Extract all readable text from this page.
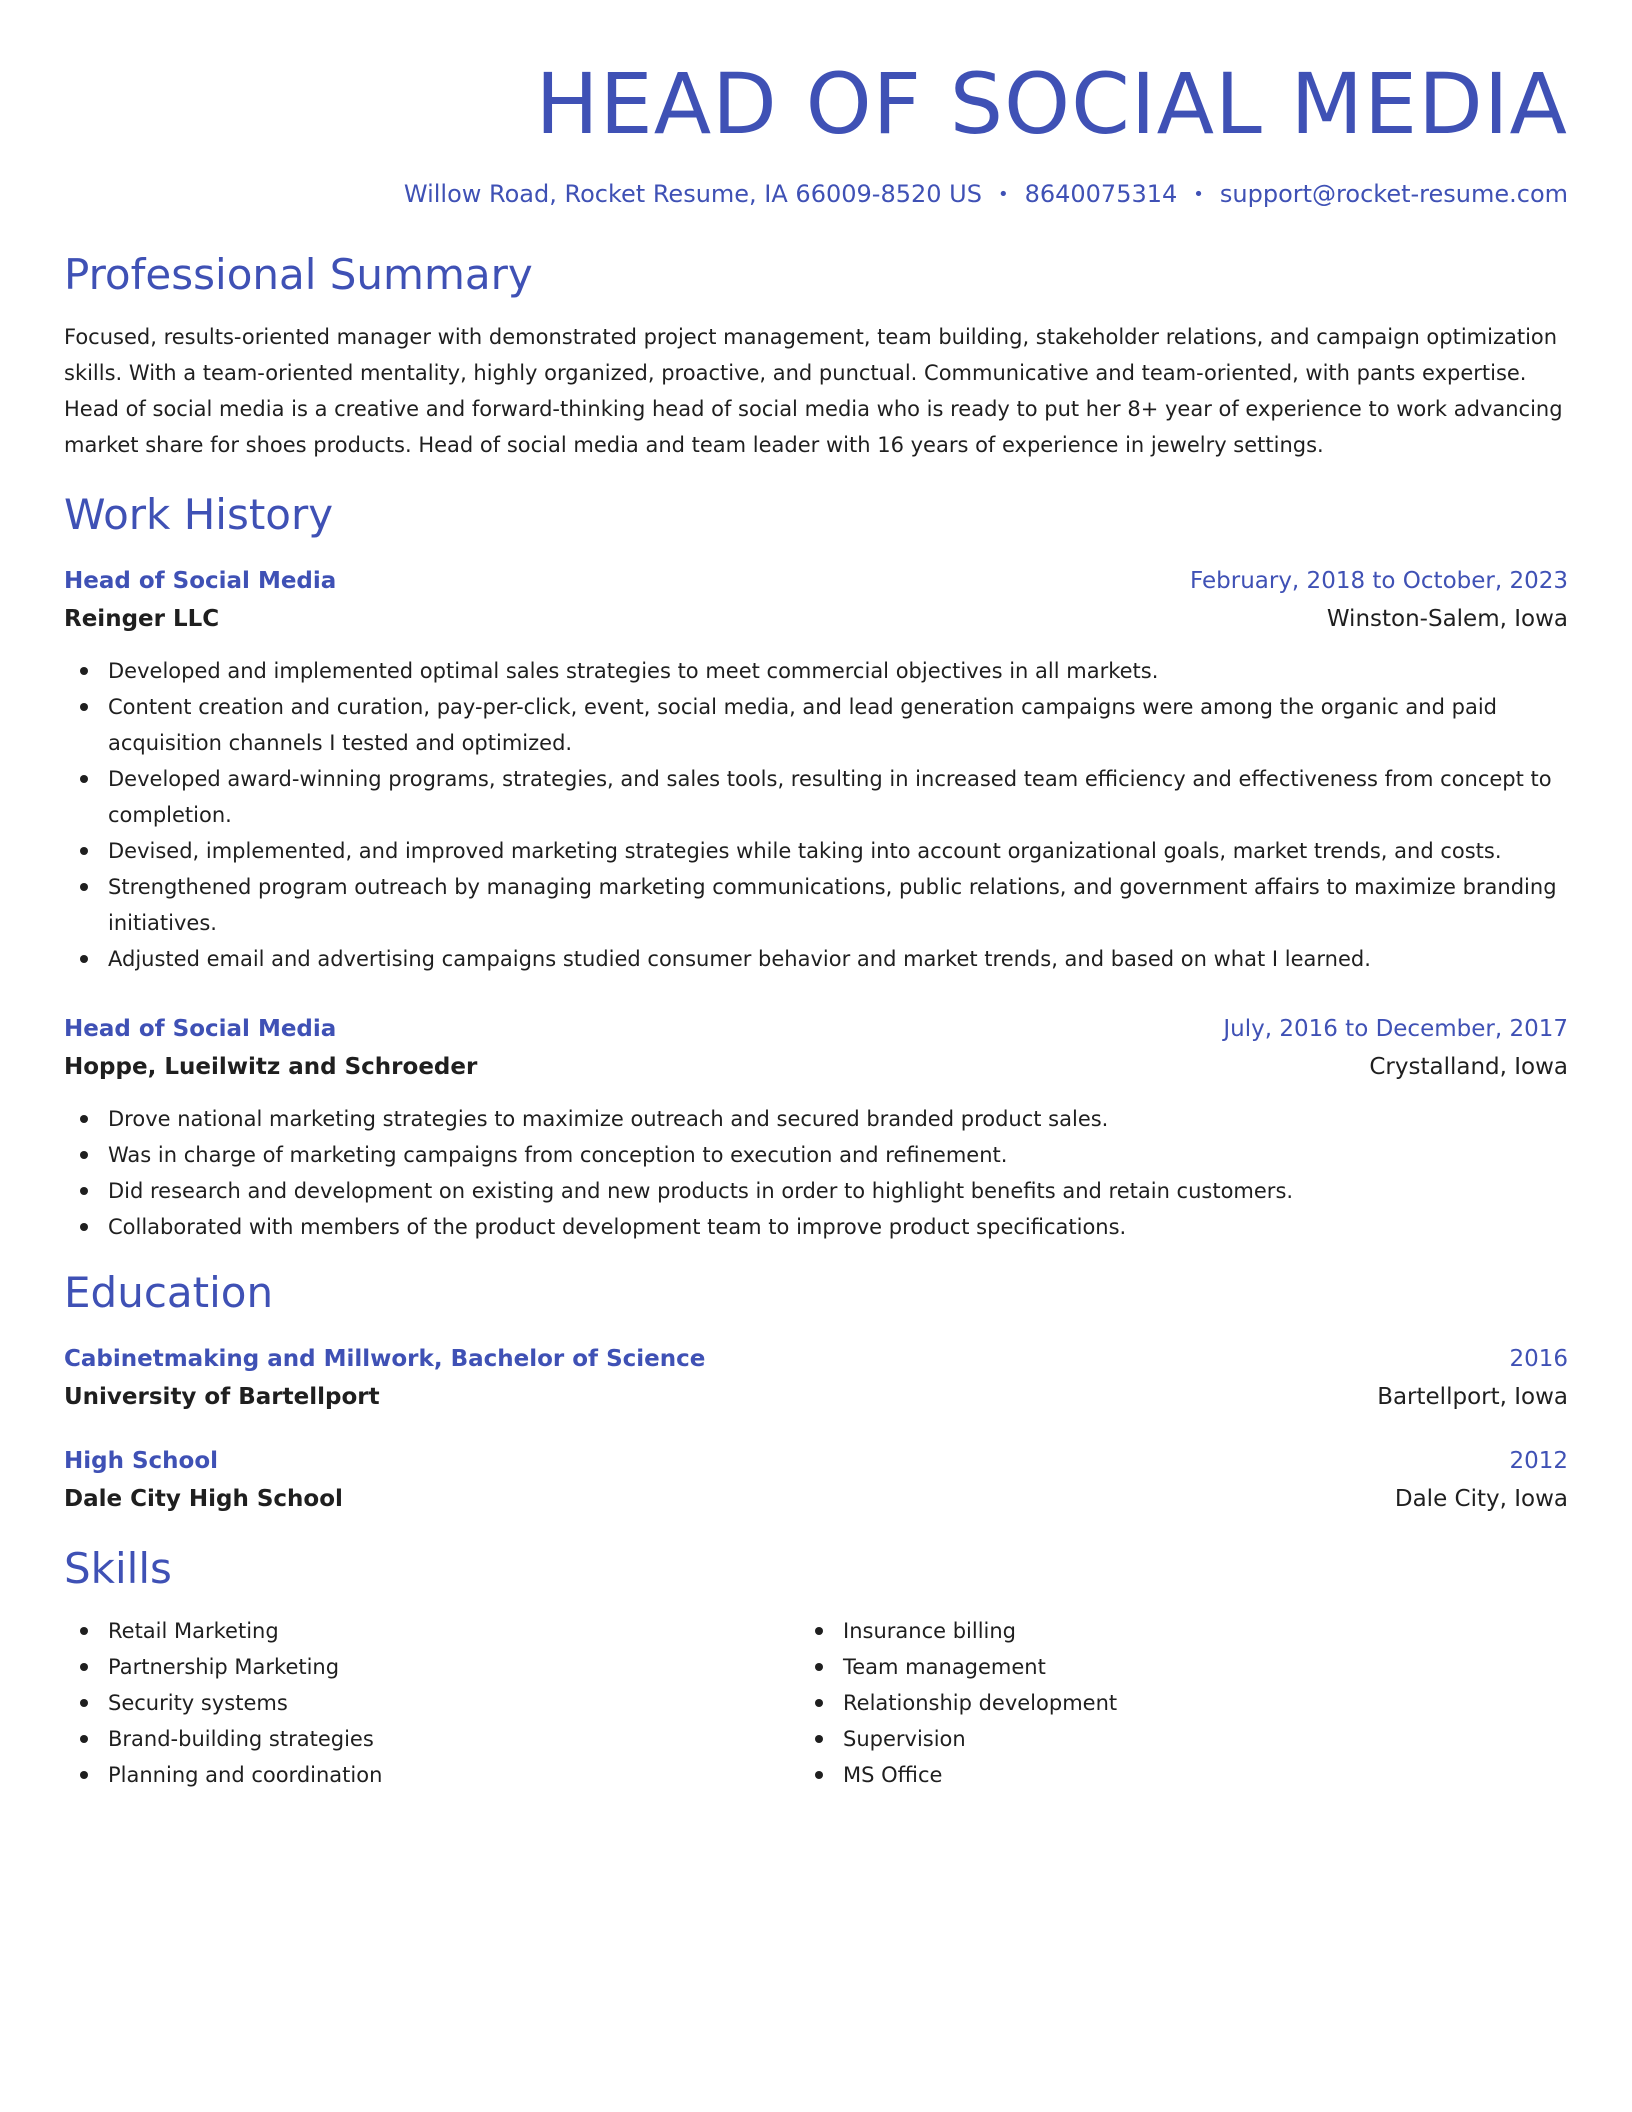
HEAD OF SOCIAL MEDIA
Willow Road, Rocket Resume, IA 66009-8520 US • 8640075314 • support@rocket-resume.com
Professional Summary
Focused, results-oriented manager with demonstrated project management, team building, stakeholder relations, and campaign optimization skills. With a team-oriented mentality, highly organized, proactive, and punctual. Communicative and team-oriented, with pants expertise. Head of social media is a creative and forward-thinking head of social media who is ready to put her 8+ year of experience to work advancing market share for shoes products. Head of social media and team leader with 16 years of experience in jewelry settings.
Work History
Head of Social Media	February, 2018 to October, 2023
Reinger LLC	Winston-Salem, Iowa
Developed and implemented optimal sales strategies to meet commercial objectives in all markets.
Content creation and curation, pay-per-click, event, social media, and lead generation campaigns were among the organic and paid acquisition channels I tested and optimized.
Developed award-winning programs, strategies, and sales tools, resulting in increased team efficiency and effectiveness from concept to completion.
Devised, implemented, and improved marketing strategies while taking into account organizational goals, market trends, and costs.
Strengthened program outreach by managing marketing communications, public relations, and government affairs to maximize branding initiatives.
Adjusted email and advertising campaigns studied consumer behavior and market trends, and based on what I learned.
Head of Social Media	July, 2016 to December, 2017
Hoppe, Lueilwitz and Schroeder	Crystalland, Iowa
Drove national marketing strategies to maximize outreach and secured branded product sales.
Was in charge of marketing campaigns from conception to execution and refinement.
Did research and development on existing and new products in order to highlight benefits and retain customers.
Collaborated with members of the product development team to improve product specifications.
Education
Cabinetmaking and Millwork, Bachelor of Science	2016
University of Bartellport	Bartellport, Iowa
High School	2012
Dale City High School	Dale City, Iowa
Skills
Retail Marketing
Partnership Marketing
Security systems
Brand-building strategies
Planning and coordination
Insurance billing
Team management
Relationship development
Supervision
MS Office
